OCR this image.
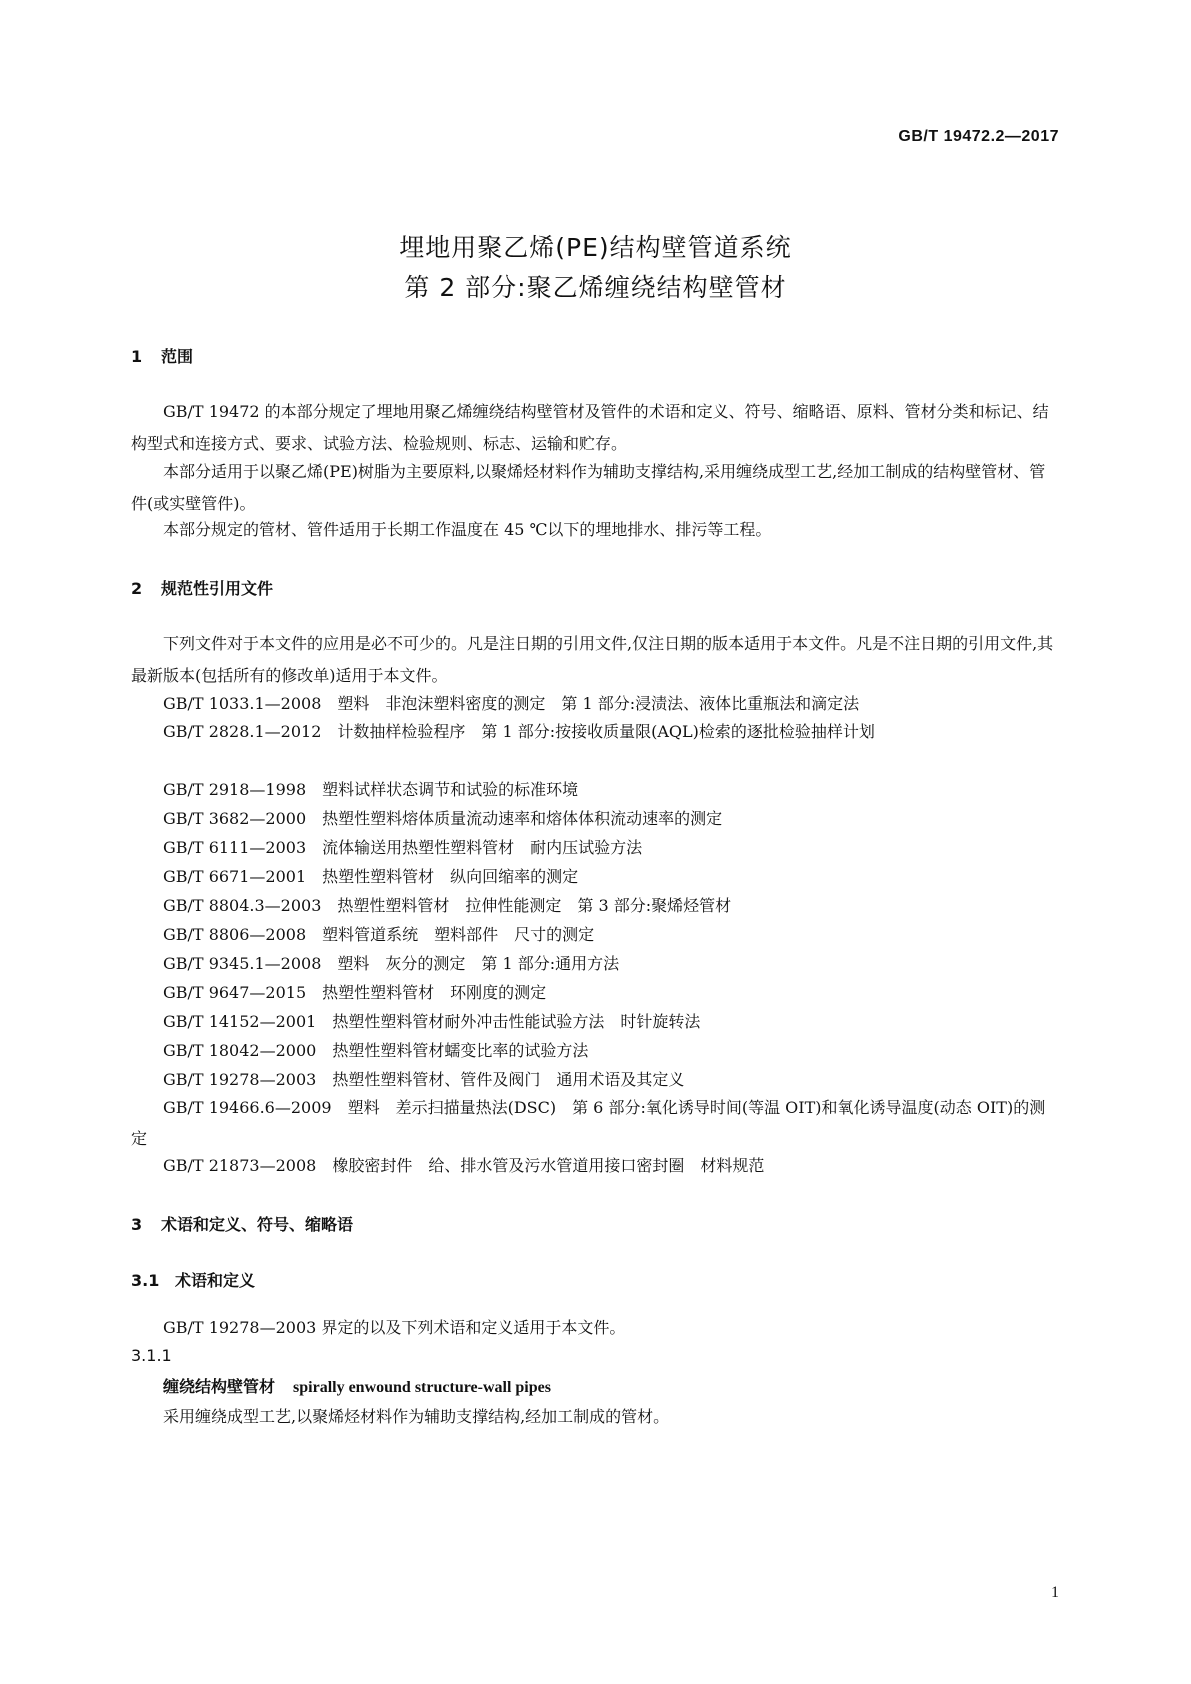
GB/T 19472.2—2017
埋地用聚乙烯(PE)结构壁管道系统
第 2 部分:聚乙烯缠绕结构壁管材
1 范围
GB/T 19472 的本部分规定了埋地用聚乙烯缠绕结构壁管材及管件的术语和定义、符号、缩略语、原料、管材分类和标记、结构型式和连接方式、要求、试验方法、检验规则、标志、运输和贮存。
本部分适用于以聚乙烯(PE)树脂为主要原料,以聚烯烃材料作为辅助支撑结构,采用缠绕成型工艺,经加工制成的结构壁管材、管件(或实壁管件)。
本部分规定的管材、管件适用于长期工作温度在 45 ℃以下的埋地排水、排污等工程。
2 规范性引用文件
下列文件对于本文件的应用是必不可少的。凡是注日期的引用文件,仅注日期的版本适用于本文件。凡是不注日期的引用文件,其最新版本(包括所有的修改单)适用于本文件。
GB/T 1033.1—2008 塑料　非泡沫塑料密度的测定　第 1 部分:浸渍法、液体比重瓶法和滴定法
GB/T 2828.1—2012 计数抽样检验程序　第 1 部分:按接收质量限(AQL)检索的逐批检验抽样计划
GB/T 2918—1998 塑料试样状态调节和试验的标准环境
GB/T 3682—2000 热塑性塑料熔体质量流动速率和熔体体积流动速率的测定
GB/T 6111—2003 流体输送用热塑性塑料管材　耐内压试验方法
GB/T 6671—2001 热塑性塑料管材　纵向回缩率的测定
GB/T 8804.3—2003 热塑性塑料管材　拉伸性能测定　第 3 部分:聚烯烃管材
GB/T 8806—2008 塑料管道系统　塑料部件　尺寸的测定
GB/T 9345.1—2008 塑料　灰分的测定　第 1 部分:通用方法
GB/T 9647—2015 热塑性塑料管材　环刚度的测定
GB/T 14152—2001 热塑性塑料管材耐外冲击性能试验方法　时针旋转法
GB/T 18042—2000 热塑性塑料管材蠕变比率的试验方法
GB/T 19278—2003 热塑性塑料管材、管件及阀门　通用术语及其定义
GB/T 19466.6—2009 塑料　差示扫描量热法(DSC)　第 6 部分:氧化诱导时间(等温 OIT)和氧化诱导温度(动态 OIT)的测定
GB/T 21873—2008 橡胶密封件　给、排水管及污水管道用接口密封圈　材料规范
3 术语和定义、符号、缩略语
3.1 术语和定义
GB/T 19278—2003 界定的以及下列术语和定义适用于本文件。
3.1.1
缠绕结构壁管材 spirally enwound structure-wall pipes
采用缠绕成型工艺,以聚烯烃材料作为辅助支撑结构,经加工制成的管材。
1
